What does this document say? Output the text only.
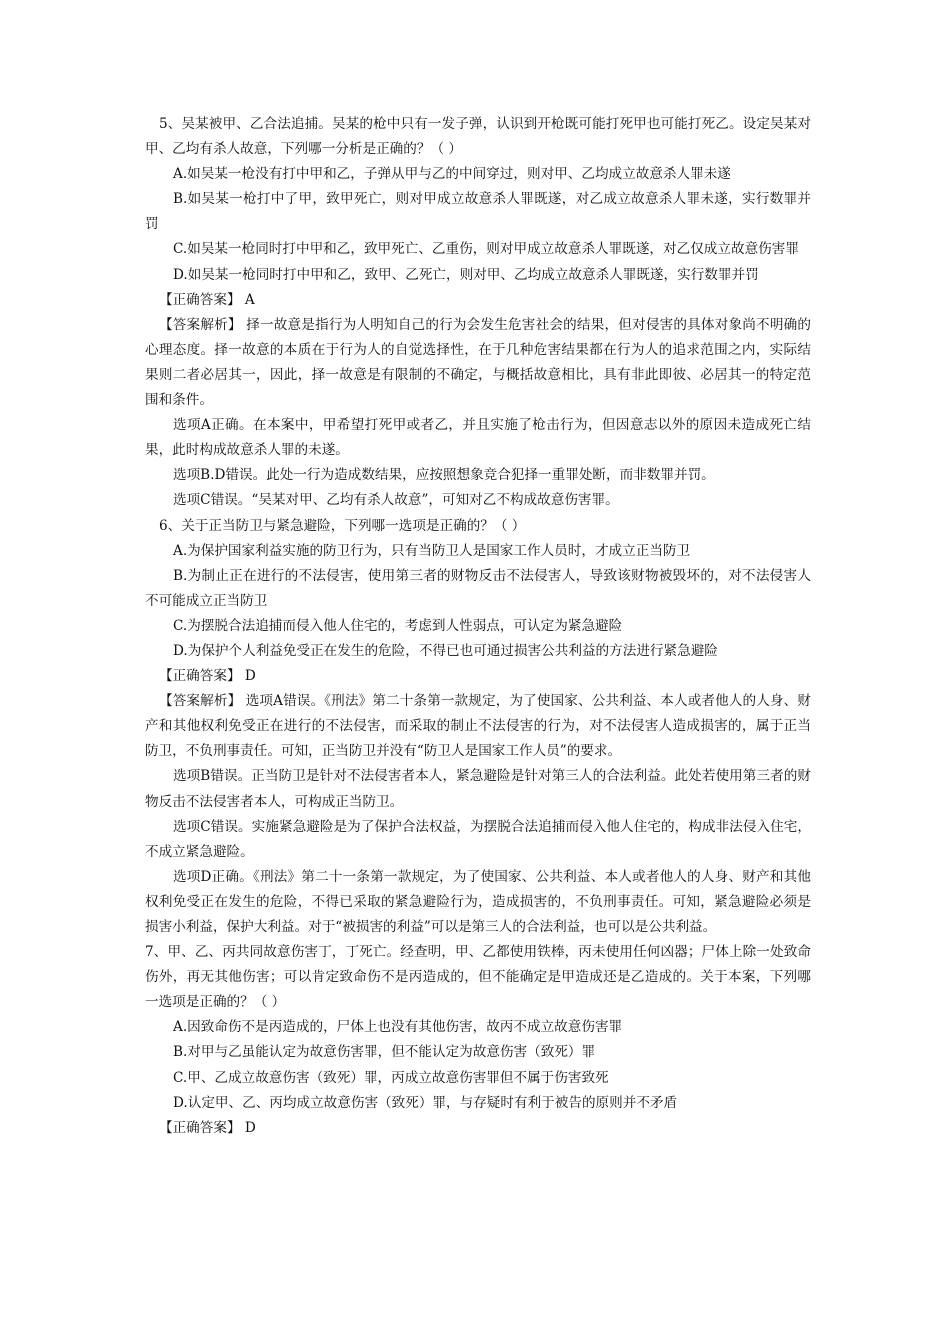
5、吴某被甲、乙合法追捕。吴某的枪中只有一发子弹，认识到开枪既可能打死甲也可能打死乙。设定吴某对甲、乙均有杀人故意，下列哪一分析是正确的？（ ）

A.如吴某一枪没有打中甲和乙，子弹从甲与乙的中间穿过，则对甲、乙均成立故意杀人罪未遂

B.如吴某一枪打中了甲，致甲死亡，则对甲成立故意杀人罪既遂，对乙成立故意杀人罪未遂，实行数罪并罚

C.如吴某一枪同时打中甲和乙，致甲死亡、乙重伤，则对甲成立故意杀人罪既遂，对乙仅成立故意伤害罪

D.如吴某一枪同时打中甲和乙，致甲、乙死亡，则对甲、乙均成立故意杀人罪既遂，实行数罪并罚

【正确答案】 A

【答案解析】 择一故意是指行为人明知自己的行为会发生危害社会的结果，但对侵害的具体对象尚不明确的心理态度。择一故意的本质在于行为人的自觉选择性，在于几种危害结果都在行为人的追求范围之内，实际结果则二者必居其一，因此，择一故意是有限制的不确定，与概括故意相比，具有非此即彼、必居其一的特定范围和条件。

选项A正确。在本案中，甲希望打死甲或者乙，并且实施了枪击行为，但因意志以外的原因未造成死亡结果，此时构成故意杀人罪的未遂。

选项B.D错误。此处一行为造成数结果，应按照想象竞合犯择一重罪处断，而非数罪并罚。

选项C错误。“吴某对甲、乙均有杀人故意”，可知对乙不构成故意伤害罪。

6、关于正当防卫与紧急避险，下列哪一选项是正确的？（ ）

A.为保护国家利益实施的防卫行为，只有当防卫人是国家工作人员时，才成立正当防卫

B.为制止正在进行的不法侵害，使用第三者的财物反击不法侵害人，导致该财物被毁坏的，对不法侵害人不可能成立正当防卫

C.为摆脱合法追捕而侵入他人住宅的，考虑到人性弱点，可认定为紧急避险

D.为保护个人利益免受正在发生的危险，不得已也可通过损害公共利益的方法进行紧急避险

【正确答案】 D

【答案解析】 选项A错误。《刑法》第二十条第一款规定，为了使国家、公共利益、本人或者他人的人身、财产和其他权利免受正在进行的不法侵害，而采取的制止不法侵害的行为，对不法侵害人造成损害的，属于正当防卫，不负刑事责任。可知，正当防卫并没有“防卫人是国家工作人员”的要求。

选项B错误。正当防卫是针对不法侵害者本人，紧急避险是针对第三人的合法利益。此处若使用第三者的财物反击不法侵害者本人，可构成正当防卫。

选项C错误。实施紧急避险是为了保护合法权益，为摆脱合法追捕而侵入他人住宅的，构成非法侵入住宅，不成立紧急避险。

选项D正确。《刑法》第二十一条第一款规定，为了使国家、公共利益、本人或者他人的人身、财产和其他权利免受正在发生的危险，不得已采取的紧急避险行为，造成损害的，不负刑事责任。可知，紧急避险必须是损害小利益，保护大利益。对于“被损害的利益”可以是第三人的合法利益，也可以是公共利益。

7、甲、乙、丙共同故意伤害丁，丁死亡。经查明，甲、乙都使用铁棒，丙未使用任何凶器；尸体上除一处致命伤外，再无其他伤害；可以肯定致命伤不是丙造成的，但不能确定是甲造成还是乙造成的。关于本案，下列哪一选项是正确的？（ ）

A.因致命伤不是丙造成的，尸体上也没有其他伤害，故丙不成立故意伤害罪

B.对甲与乙虽能认定为故意伤害罪，但不能认定为故意伤害（致死）罪

C.甲、乙成立故意伤害（致死）罪，丙成立故意伤害罪但不属于伤害致死

D.认定甲、乙、丙均成立故意伤害（致死）罪，与存疑时有利于被告的原则并不矛盾

【正确答案】 D
